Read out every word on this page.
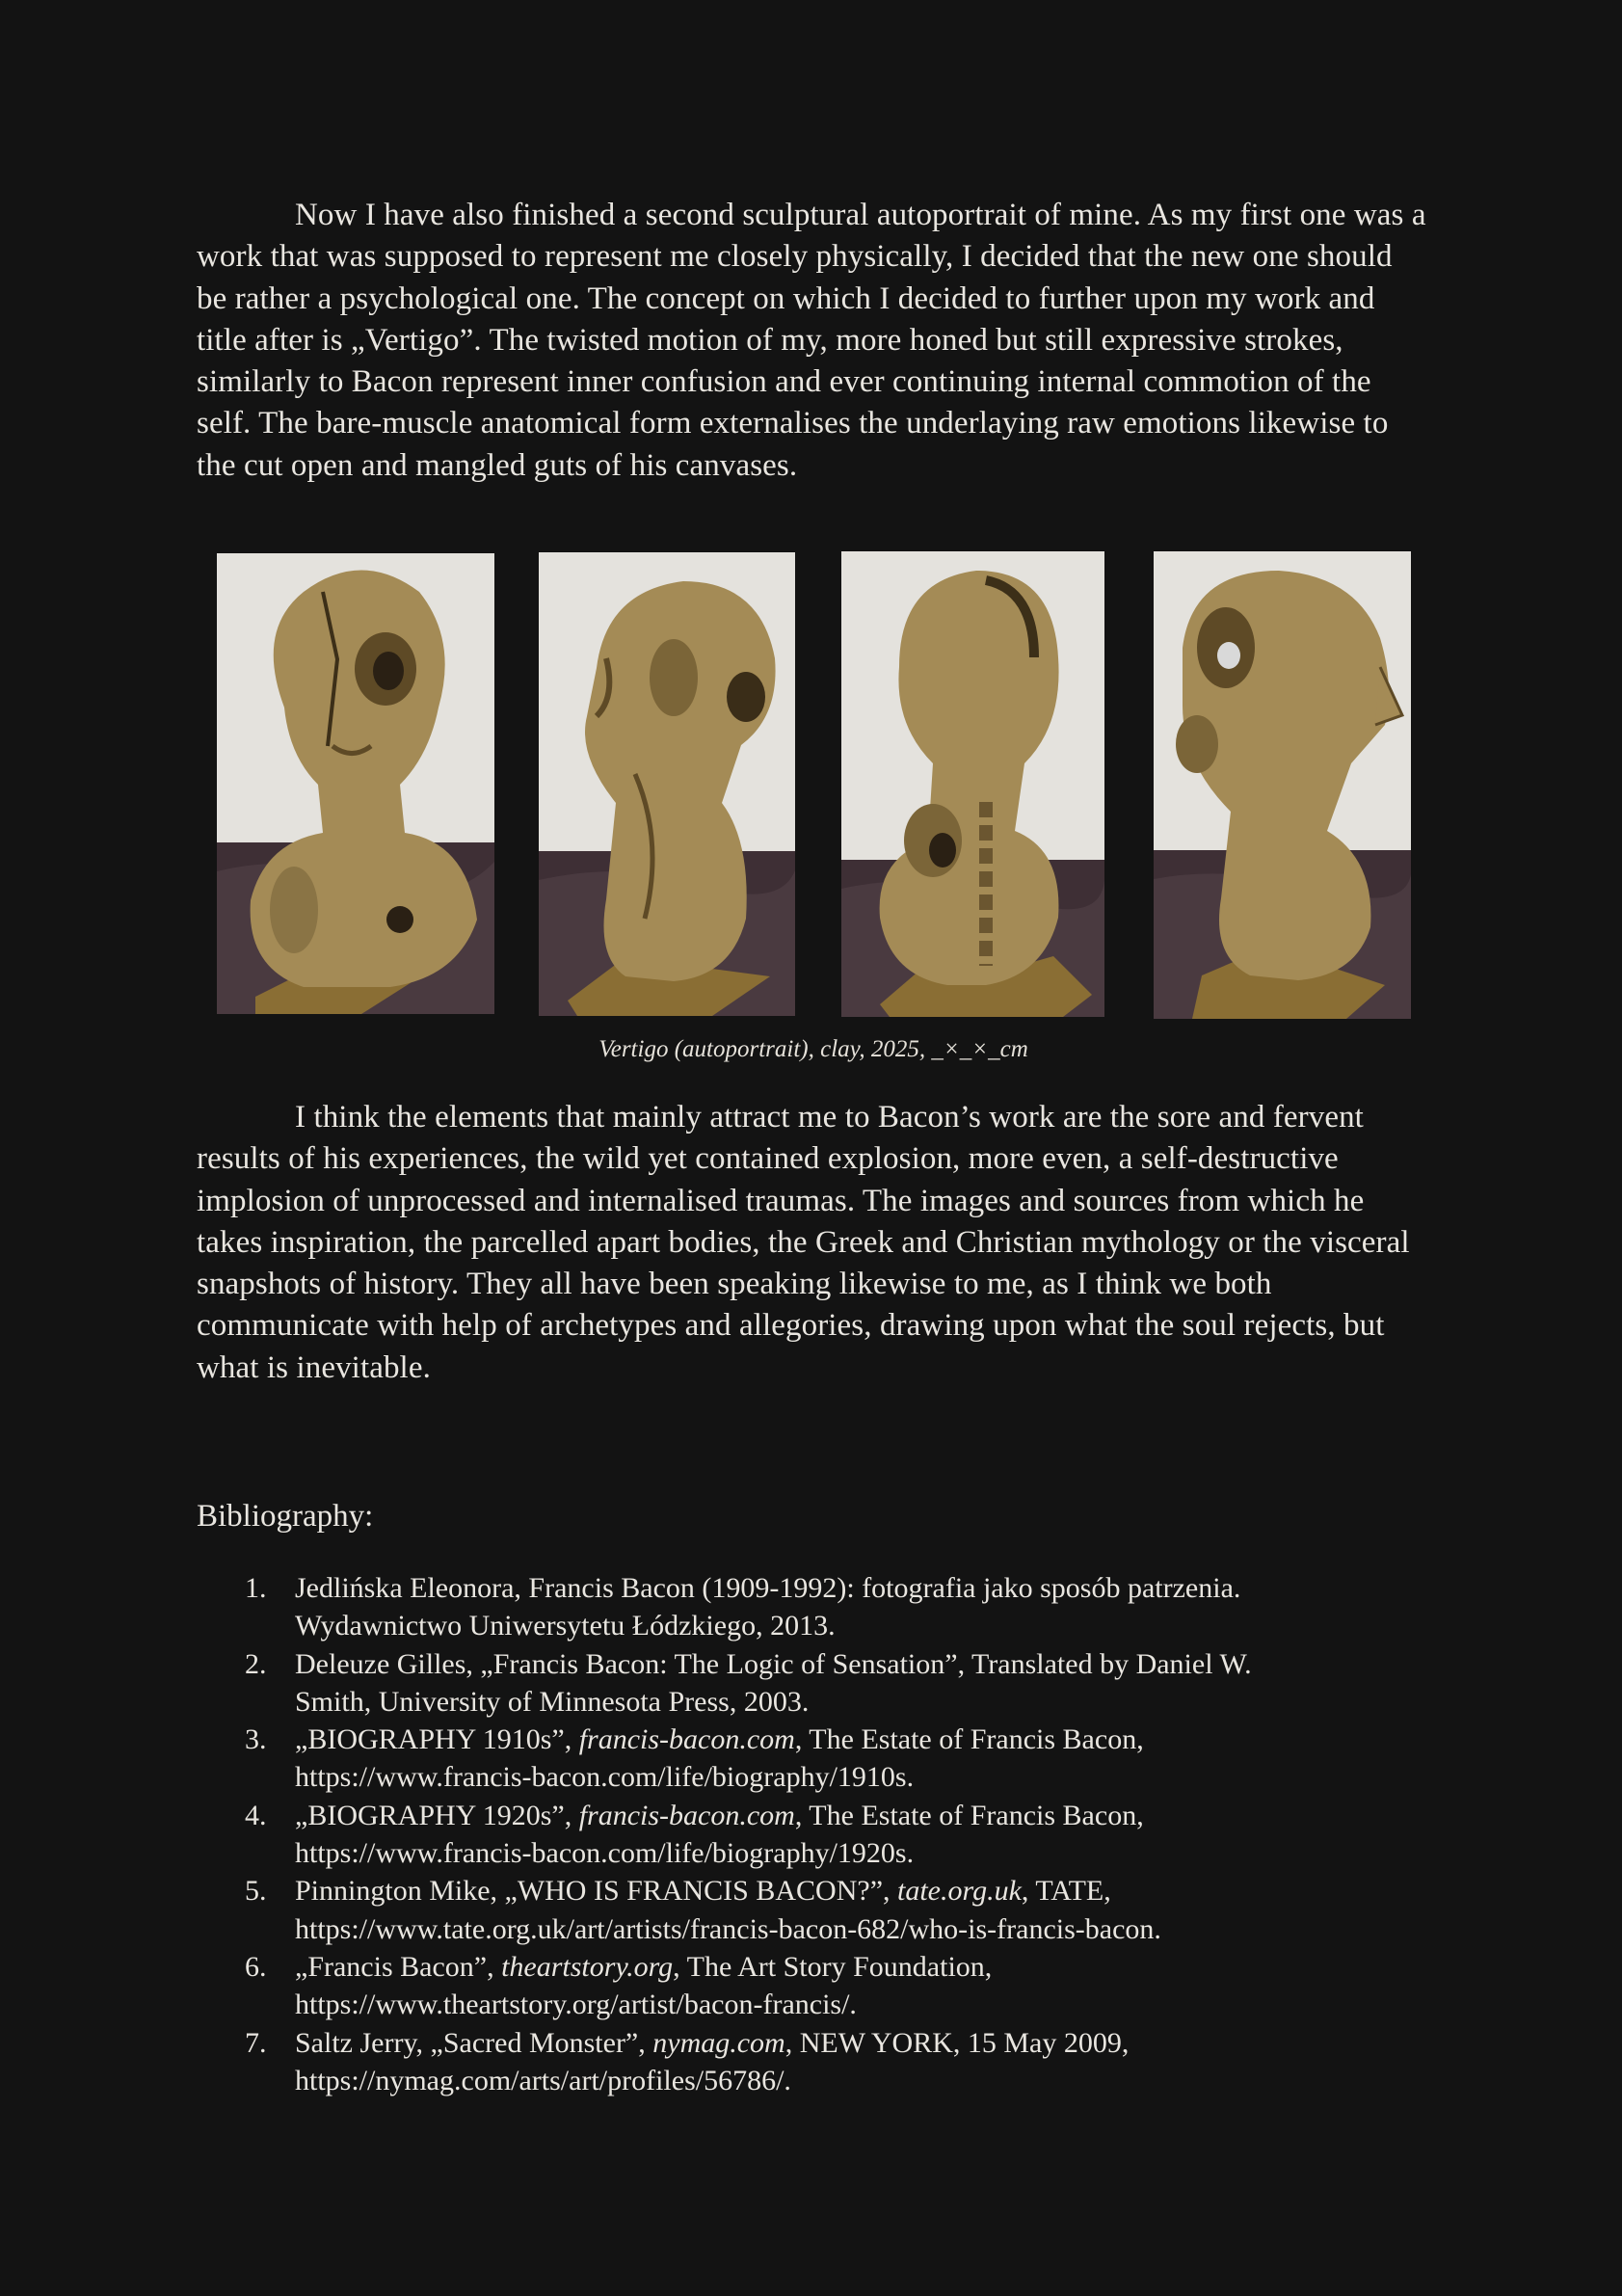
Now I have also finished a second sculptural autoportrait of mine. As my first one was a work that was supposed to represent me closely physically, I decided that the new one should be rather a psychological one. The concept on which I decided to further upon my work and title after is „Vertigo”. The twisted motion of my, more honed but still expressive strokes, similarly to Bacon represent inner confusion and ever continuing internal commotion of the self. The bare-muscle anatomical form externalises the underlaying raw emotions likewise to the cut open and mangled guts of his canvases.

Vertigo (autoportrait), clay, 2025, _×_×_cm

I think the elements that mainly attract me to Bacon’s work are the sore and fervent results of his experiences, the wild yet contained explosion, more even, a self-destructive implosion of unprocessed and internalised traumas. The images and sources from which he takes inspiration, the parcelled apart bodies, the Greek and Christian mythology or the visceral snapshots of history. They all have been speaking likewise to me, as I think we both communicate with help of archetypes and allegories, drawing upon what the soul rejects, but what is inevitable.

Bibliography:
1. Jedlińska Eleonora, Francis Bacon (1909-1992): fotografia jako sposób patrzenia.
Wydawnictwo Uniwersytetu Łódzkiego, 2013.
2. Deleuze Gilles, „Francis Bacon: The Logic of Sensation”, Translated by Daniel W.
Smith, University of Minnesota Press, 2003.
3. „BIOGRAPHY 1910s”, francis-bacon.com, The Estate of Francis Bacon,
https://www.francis-bacon.com/life/biography/1910s.
4. „BIOGRAPHY 1920s”, francis-bacon.com, The Estate of Francis Bacon,
https://www.francis-bacon.com/life/biography/1920s.
5. Pinnington Mike, „WHO IS FRANCIS BACON?”, tate.org.uk, TATE,
https://www.tate.org.uk/art/artists/francis-bacon-682/who-is-francis-bacon.
6. „Francis Bacon”, theartstory.org, The Art Story Foundation,
https://www.theartstory.org/artist/bacon-francis/.
7. Saltz Jerry, „Sacred Monster”, nymag.com, NEW YORK, 15 May 2009,
https://nymag.com/arts/art/profiles/56786/.
